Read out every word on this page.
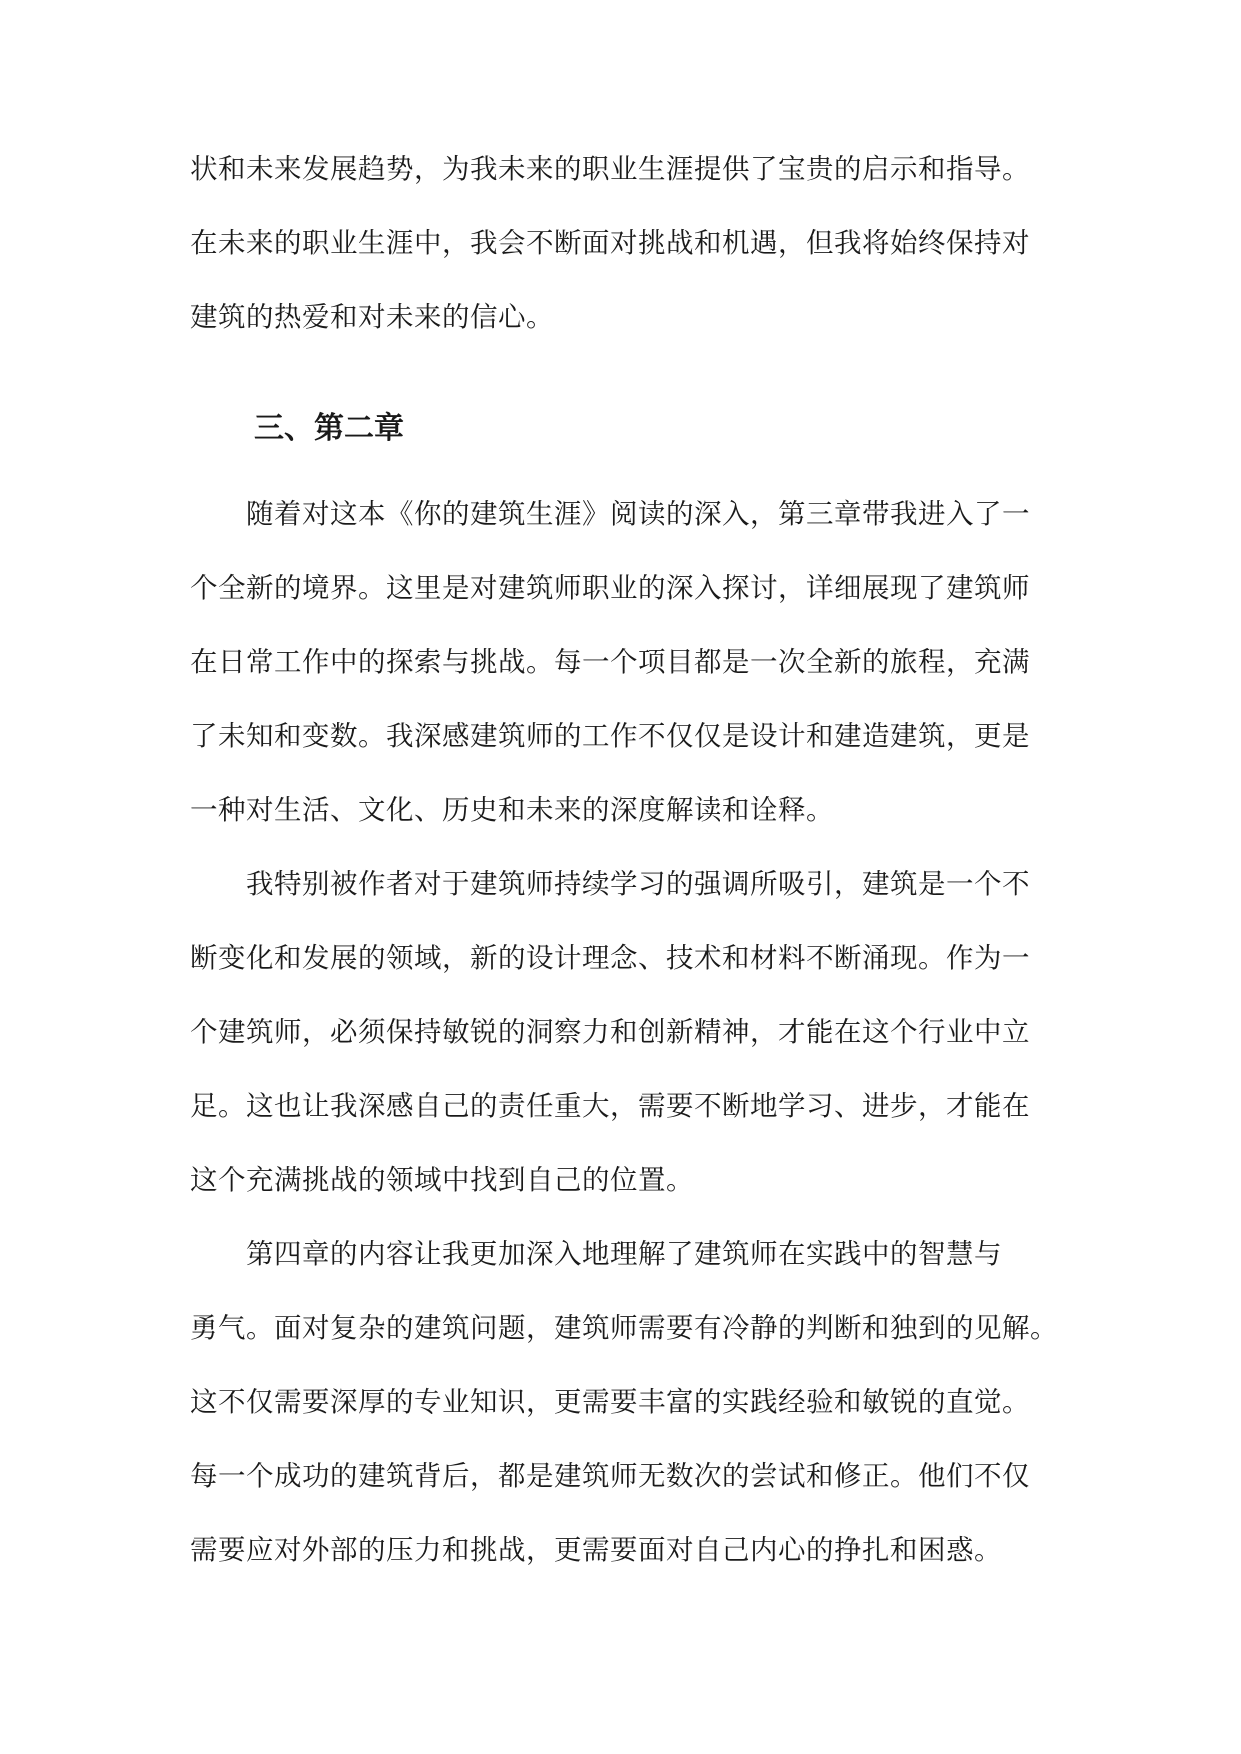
状和未来发展趋势，为我未来的职业生涯提供了宝贵的启示和指导。
在未来的职业生涯中，我会不断面对挑战和机遇，但我将始终保持对
建筑的热爱和对未来的信心。
三、第二章
随着对这本《你的建筑生涯》阅读的深入，第三章带我进入了一
个全新的境界。这里是对建筑师职业的深入探讨，详细展现了建筑师
在日常工作中的探索与挑战。每一个项目都是一次全新的旅程，充满
了未知和变数。我深感建筑师的工作不仅仅是设计和建造建筑，更是
一种对生活、文化、历史和未来的深度解读和诠释。
我特别被作者对于建筑师持续学习的强调所吸引，建筑是一个不
断变化和发展的领域，新的设计理念、技术和材料不断涌现。作为一
个建筑师，必须保持敏锐的洞察力和创新精神，才能在这个行业中立
足。这也让我深感自己的责任重大，需要不断地学习、进步，才能在
这个充满挑战的领域中找到自己的位置。
第四章的内容让我更加深入地理解了建筑师在实践中的智慧与
勇气。面对复杂的建筑问题，建筑师需要有冷静的判断和独到的见解。
这不仅需要深厚的专业知识，更需要丰富的实践经验和敏锐的直觉。
每一个成功的建筑背后，都是建筑师无数次的尝试和修正。他们不仅
需要应对外部的压力和挑战，更需要面对自己内心的挣扎和困惑。
